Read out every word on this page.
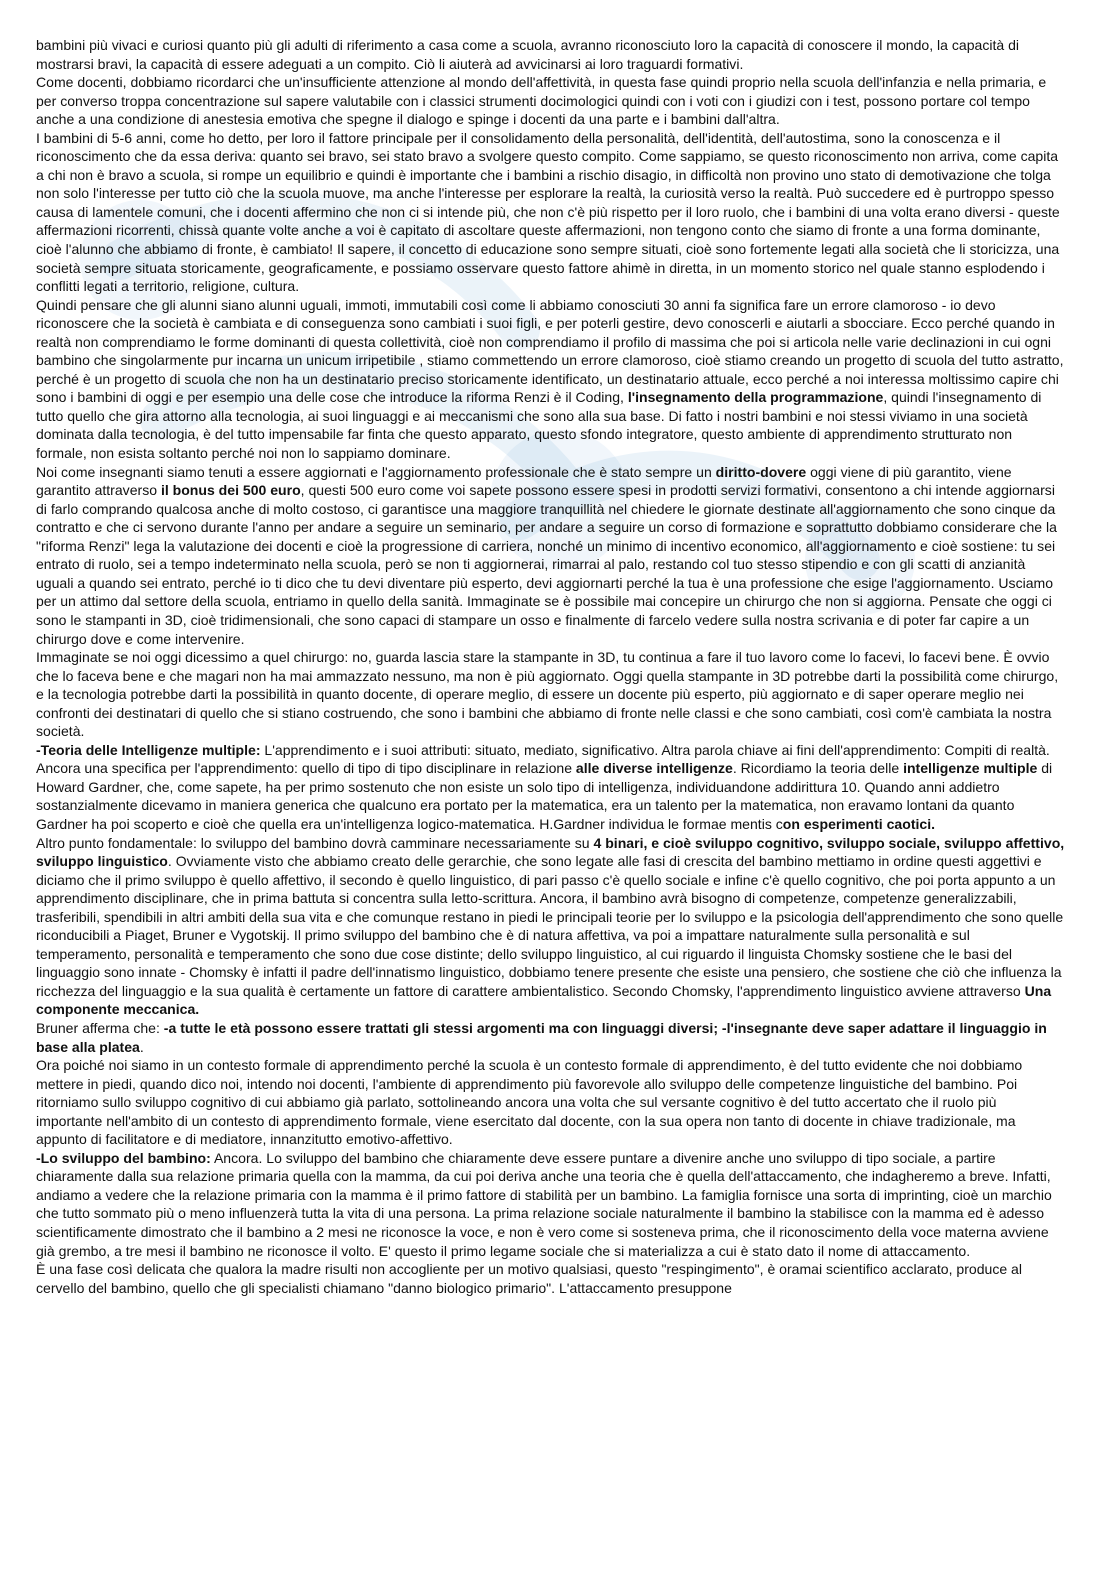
bambini più vivaci e curiosi quanto più gli adulti di riferimento a casa come a scuola, avranno riconosciuto loro la capacità di conoscere il mondo, la capacità di mostrarsi bravi, la capacità di essere adeguati a un compito. Ciò li aiuterà ad avvicinarsi ai loro traguardi formativi.

Come docenti, dobbiamo ricordarci che un'insufficiente attenzione al mondo dell'affettività, in questa fase quindi proprio nella scuola dell'infanzia e nella primaria, e per converso troppa concentrazione sul sapere valutabile con i classici strumenti docimologici quindi con i voti con i giudizi con i test, possono portare col tempo anche a una condizione di anestesia emotiva che spegne il dialogo e spinge i docenti da una parte e i bambini dall'altra.

I bambini di 5-6 anni, come ho detto, per loro il fattore principale per il consolidamento della personalità, dell'identità, dell'autostima, sono la conoscenza e il riconoscimento che da essa deriva: quanto sei bravo, sei stato bravo a svolgere questo compito. Come sappiamo, se questo riconoscimento non arriva, come capita a chi non è bravo a scuola, si rompe un equilibrio e quindi è importante che i bambini a rischio disagio, in difficoltà non provino uno stato di demotivazione che tolga non solo l'interesse per tutto ciò che la scuola muove, ma anche l'interesse per esplorare la realtà, la curiosità verso la realtà. Può succedere ed è purtroppo spesso causa di lamentele comuni, che i docenti affermino che non ci si intende più, che non c'è più rispetto per il loro ruolo, che i bambini di una volta erano diversi - queste affermazioni ricorrenti, chissà quante volte anche a voi è capitato di ascoltare queste affermazioni, non tengono conto che siamo di fronte a una forma dominante, cioè l'alunno che abbiamo di fronte, è cambiato! Il sapere, il concetto di educazione sono sempre situati, cioè sono fortemente legati alla società che li storicizza, una società sempre situata storicamente, geograficamente, e possiamo osservare questo fattore ahimè in diretta, in un momento storico nel quale stanno esplodendo i conflitti legati a territorio, religione, cultura.

Quindi pensare che gli alunni siano alunni uguali, immoti, immutabili così come li abbiamo conosciuti 30 anni fa significa fare un errore clamoroso - io devo riconoscere che la società è cambiata e di conseguenza sono cambiati i suoi figli, e per poterli gestire, devo conoscerli e aiutarli a sbocciare. Ecco perché quando in realtà non comprendiamo le forme dominanti di questa collettività, cioè non comprendiamo il profilo di massima che poi si articola nelle varie declinazioni in cui ogni bambino che singolarmente pur incarna un unicum irripetibile , stiamo commettendo un errore clamoroso, cioè stiamo creando un progetto di scuola del tutto astratto, perché è un progetto di scuola che non ha un destinatario preciso storicamente identificato, un destinatario attuale, ecco perché a noi interessa moltissimo capire chi sono i bambini di oggi e per esempio una delle cose che introduce la riforma Renzi è il Coding, l'insegnamento della programmazione, quindi l'insegnamento di tutto quello che gira attorno alla tecnologia, ai suoi linguaggi e ai meccanismi che sono alla sua base. Di fatto i nostri bambini e noi stessi viviamo in una società dominata dalla tecnologia, è del tutto impensabile far finta che questo apparato, questo sfondo integratore, questo ambiente di apprendimento strutturato non formale, non esista soltanto perché noi non lo sappiamo dominare.

Noi come insegnanti siamo tenuti a essere aggiornati e l'aggiornamento professionale che è stato sempre un diritto-dovere oggi viene di più garantito, viene garantito attraverso il bonus dei 500 euro, questi 500 euro come voi sapete possono essere spesi in prodotti servizi formativi, consentono a chi intende aggiornarsi di farlo comprando qualcosa anche di molto costoso, ci garantisce una maggiore tranquillità nel chiedere le giornate destinate all'aggiornamento che sono cinque da contratto e che ci servono durante l'anno per andare a seguire un seminario, per andare a seguire un corso di formazione e soprattutto dobbiamo considerare che la "riforma Renzi" lega la valutazione dei docenti e cioè la progressione di carriera, nonché un minimo di incentivo economico, all'aggiornamento e cioè sostiene: tu sei entrato di ruolo, sei a tempo indeterminato nella scuola, però se non ti aggiornerai, rimarrai al palo, restando col tuo stesso stipendio e con gli scatti di anzianità uguali a quando sei entrato, perché io ti dico che tu devi diventare più esperto, devi aggiornarti perché la tua è una professione che esige l'aggiornamento. Usciamo per un attimo dal settore della scuola, entriamo in quello della sanità. Immaginate se è possibile mai concepire un chirurgo che non si aggiorna. Pensate che oggi ci sono le stampanti in 3D, cioè tridimensionali, che sono capaci di stampare un osso e finalmente di farcelo vedere sulla nostra scrivania e di poter far capire a un chirurgo dove e come intervenire.

Immaginate se noi oggi dicessimo a quel chirurgo: no, guarda lascia stare la stampante in 3D, tu continua a fare il tuo lavoro come lo facevi, lo facevi bene. È ovvio che lo faceva bene e che magari non ha mai ammazzato nessuno, ma non è più aggiornato. Oggi quella stampante in 3D potrebbe darti la possibilità come chirurgo, e la tecnologia potrebbe darti la possibilità in quanto docente, di operare meglio, di essere un docente più esperto, più aggiornato e di saper operare meglio nei confronti dei destinatari di quello che si stiano costruendo, che sono i bambini che abbiamo di fronte nelle classi e che sono cambiati, così com'è cambiata la nostra società.

-Teoria delle Intelligenze multiple: L'apprendimento e i suoi attributi: situato, mediato, significativo. Altra parola chiave ai fini dell'apprendimento: Compiti di realtà. Ancora una specifica per l'apprendimento: quello di tipo di tipo disciplinare in relazione alle diverse intelligenze. Ricordiamo la teoria delle intelligenze multiple di Howard Gardner, che, come sapete, ha per primo sostenuto che non esiste un solo tipo di intelligenza, individuandone addirittura 10. Quando anni addietro sostanzialmente dicevamo in maniera generica che qualcuno era portato per la matematica, era un talento per la matematica, non eravamo lontani da quanto Gardner ha poi scoperto e cioè che quella era un'intelligenza logico-matematica. H.Gardner individua le formae mentis con esperimenti caotici.

Altro punto fondamentale: lo sviluppo del bambino dovrà camminare necessariamente su 4 binari, e cioè sviluppo cognitivo, sviluppo sociale, sviluppo affettivo, sviluppo linguistico. Ovviamente visto che abbiamo creato delle gerarchie, che sono legate alle fasi di crescita del bambino mettiamo in ordine questi aggettivi e diciamo che il primo sviluppo è quello affettivo, il secondo è quello linguistico, di pari passo c'è quello sociale e infine c'è quello cognitivo, che poi porta appunto a un apprendimento disciplinare, che in prima battuta si concentra sulla letto-scrittura. Ancora, il bambino avrà bisogno di competenze, competenze generalizzabili, trasferibili, spendibili in altri ambiti della sua vita e che comunque restano in piedi le principali teorie per lo sviluppo e la psicologia dell'apprendimento che sono quelle riconducibili a Piaget, Bruner e Vygotskij. Il primo sviluppo del bambino che è di natura affettiva, va poi a impattare naturalmente sulla personalità e sul temperamento, personalità e temperamento che sono due cose distinte; dello sviluppo linguistico, al cui riguardo il linguista Chomsky sostiene che le basi del linguaggio sono innate - Chomsky è infatti il padre dell'innatismo linguistico, dobbiamo tenere presente che esiste una pensiero, che sostiene che ciò che influenza la ricchezza del linguaggio e la sua qualità è certamente un fattore di carattere ambientalistico. Secondo Chomsky, l'apprendimento linguistico avviene attraverso Una componente meccanica.

Bruner afferma che: -a tutte le età possono essere trattati gli stessi argomenti ma con linguaggi diversi; -l'insegnante deve saper adattare il linguaggio in base alla platea.

Ora poiché noi siamo in un contesto formale di apprendimento perché la scuola è un contesto formale di apprendimento, è del tutto evidente che noi dobbiamo mettere in piedi, quando dico noi, intendo noi docenti, l'ambiente di apprendimento più favorevole allo sviluppo delle competenze linguistiche del bambino. Poi ritorniamo sullo sviluppo cognitivo di cui abbiamo già parlato, sottolineando ancora una volta che sul versante cognitivo è del tutto accertato che il ruolo più importante nell'ambito di un contesto di apprendimento formale, viene esercitato dal docente, con la sua opera non tanto di docente in chiave tradizionale, ma appunto di facilitatore e di mediatore, innanzitutto emotivo-affettivo.

-Lo sviluppo del bambino: Ancora. Lo sviluppo del bambino che chiaramente deve essere puntare a divenire anche uno sviluppo di tipo sociale, a partire chiaramente dalla sua relazione primaria quella con la mamma, da cui poi deriva anche una teoria che è quella dell'attaccamento, che indagheremo a breve. Infatti, andiamo a vedere che la relazione primaria con la mamma è il primo fattore di stabilità per un bambino. La famiglia fornisce una sorta di imprinting, cioè un marchio che tutto sommato più o meno influenzerà tutta la vita di una persona. La prima relazione sociale naturalmente il bambino la stabilisce con la mamma ed è adesso scientificamente dimostrato che il bambino a 2 mesi ne riconosce la voce, e non è vero come si sosteneva prima, che il riconoscimento della voce materna avviene già grembo, a tre mesi il bambino ne riconosce il volto. E' questo il primo legame sociale che si materializza a cui è stato dato il nome di attaccamento.

È una fase così delicata che qualora la madre risulti non accogliente per un motivo qualsiasi, questo "respingimento", è oramai scientifico acclarato, produce al cervello del bambino, quello che gli specialisti chiamano "danno biologico primario". L'attaccamento presuppone
